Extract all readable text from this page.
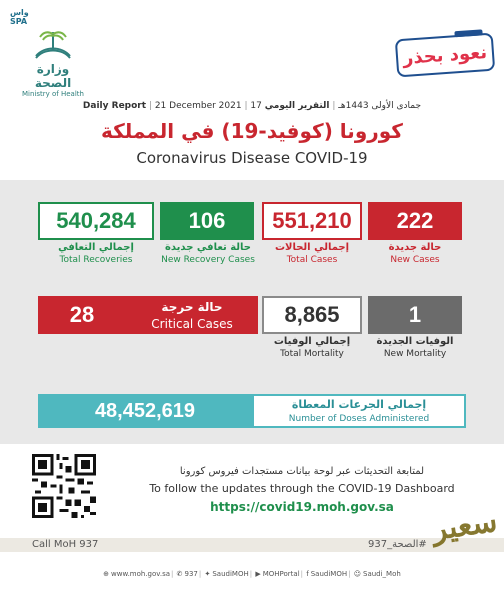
واس
SPA
وزارة الصحة
Ministry of Health
نعود بحذر
Daily Report | 21 December 2021 | 17 جمادى الأولى 1443هـ | التقرير اليومي
كورونا (كوفيد-19) في المملكة
Coronavirus Disease COVID-19
540,284
إجمالي التعافي
Total Recoveries
106
حالة تعافي جديدة
New Recovery Cases
551,210
إجمالي الحالات
Total Cases
222
حالة جديدة
New Cases
28	حالة حرجة
Critical Cases	8,865
إجمالي الوفيات
Total Mortality
1
الوفيات الجديدة
New Mortality
48,452,619	إجمالي الجرعات المعطاة
Number of Doses Administered
لمتابعة التحديثات عبر لوحة بيانات مستجدات فيروس كورونا
To follow the updates through the COVID-19 Dashboard
https://covid19.moh.gov.sa
Call MoH 937	#الصحة_937
⊕ www.moh.gov.sa| ✆ 937| ✦ SaudiMOH| ▶ MOHPortal| f SaudiMOH| ☺ Saudi_Moh
سعير
